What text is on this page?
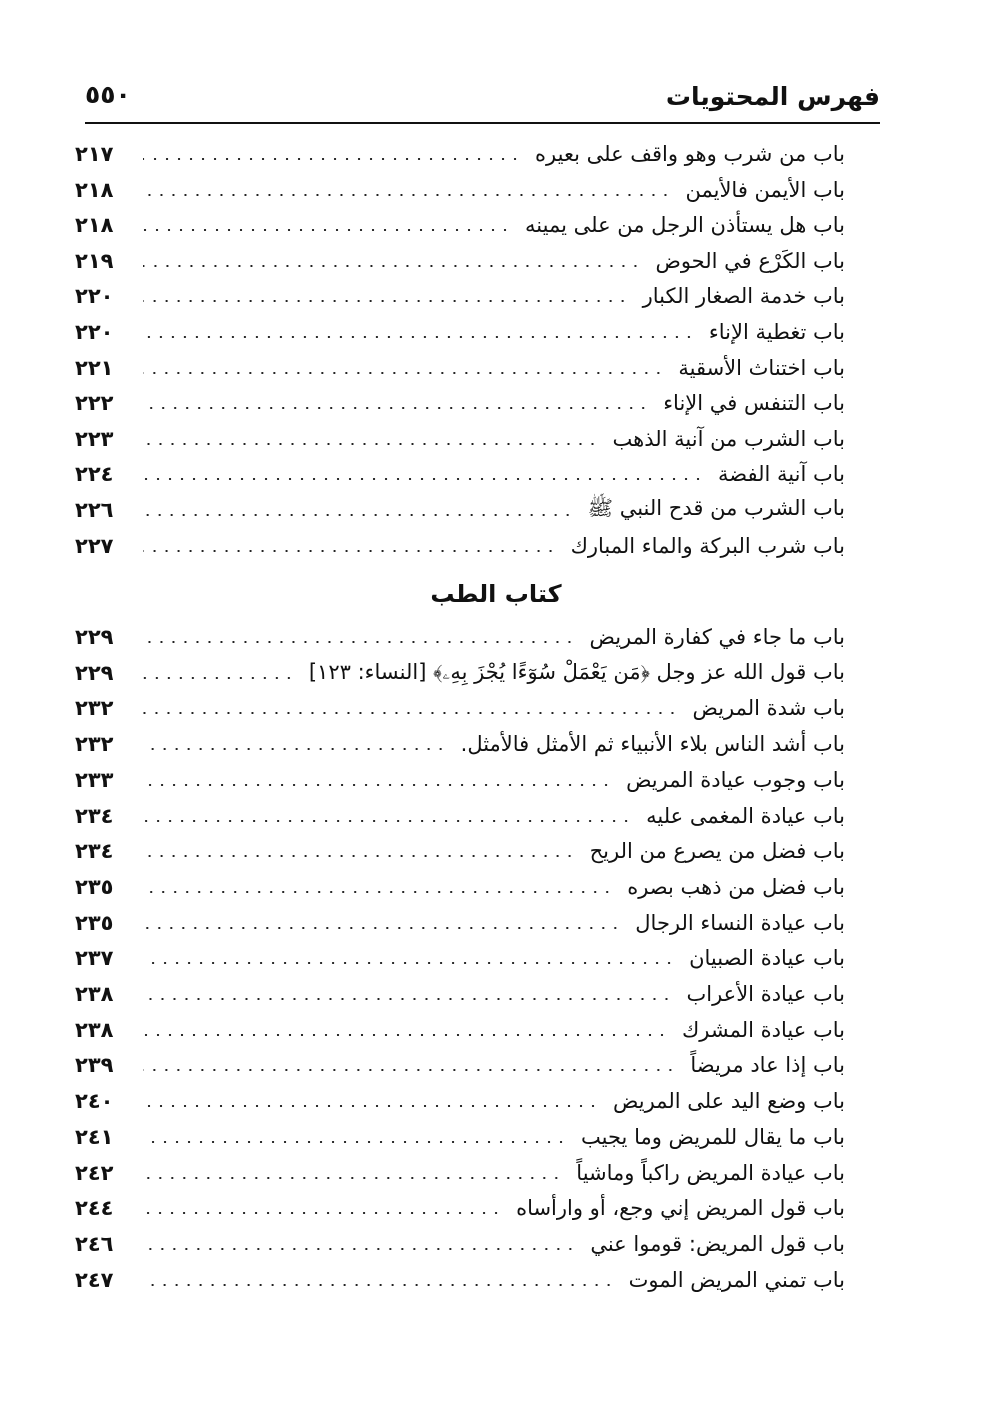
٥٥٠	فهرس المحتويات
باب من شرب وهو واقف على بعيره
٢١٧
باب الأيمن فالأيمن
٢١٨
باب هل يستأذن الرجل من على يمينه
٢١٨
باب الكَرْع في الحوض
٢١٩
باب خدمة الصغار الكبار
٢٢٠
باب تغطية الإناء
٢٢٠
باب اختناث الأسقية
٢٢١
باب التنفس في الإناء
٢٢٢
باب الشرب من آنية الذهب
٢٢٣
باب آنية الفضة
٢٢٤
باب الشرب من قدح النبي ﷺ
٢٢٦
باب شرب البركة والماء المبارك
٢٢٧
باب ما جاء في كفارة المريض
٢٢٩
باب قول الله عز وجل ﴿مَن يَعْمَلْ سُوٓءًا يُجْزَ بِهِۦ﴾ [النساء: ١٢٣]
٢٢٩
باب شدة المريض
٢٣٢
باب أشد الناس بلاء الأنبياء ثم الأمثل فالأمثل.
٢٣٢
باب وجوب عيادة المريض
٢٣٣
باب عيادة المغمى عليه
٢٣٤
باب فضل من يصرع من الريح
٢٣٤
باب فضل من ذهب بصره
٢٣٥
باب عيادة النساء الرجال
٢٣٥
باب عيادة الصبيان
٢٣٧
باب عيادة الأعراب
٢٣٨
باب عيادة المشرك
٢٣٨
باب إذا عاد مريضاً
٢٣٩
باب وضع اليد على المريض
٢٤٠
باب ما يقال للمريض وما يجيب
٢٤١
باب عيادة المريض راكباً وماشياً
٢٤٢
باب قول المريض إني وجع، أو وارأساه
٢٤٤
باب قول المريض: قوموا عني
٢٤٦
باب تمني المريض الموت
٢٤٧
كتاب الطب
